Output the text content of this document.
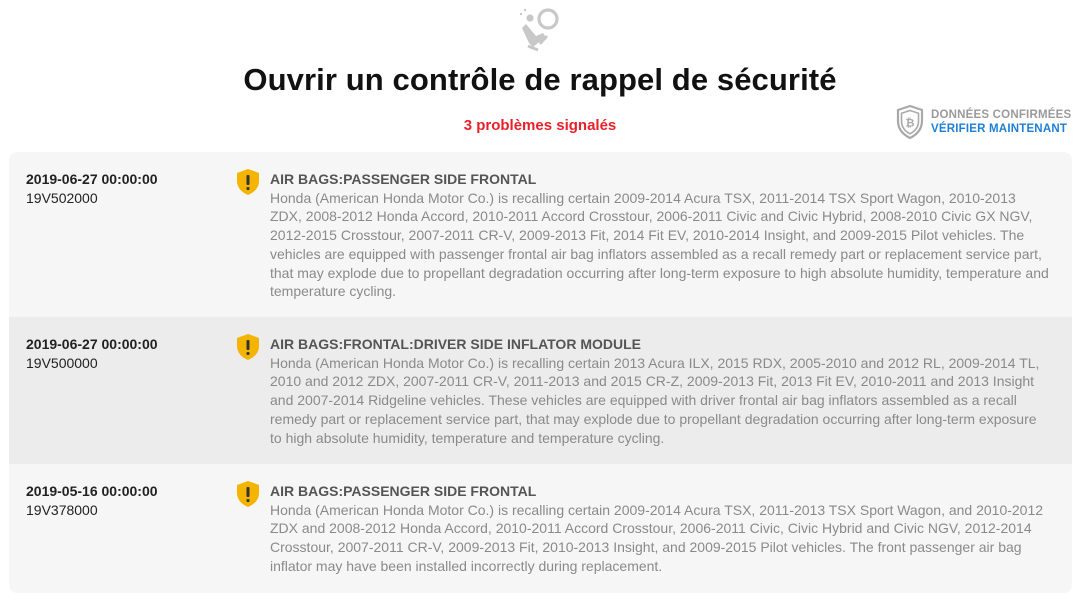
Ouvrir un contrôle de rappel de sécurité
3 problèmes signalés	₿
DONNÉES CONFIRMÉES
VÉRIFIER MAINTENANT
2019-06-27 00:00:00
19V502000
AIR BAGS:PASSENGER SIDE FRONTAL
Honda (American Honda Motor Co.) is recalling certain 2009-2014 Acura TSX, 2011-2014 TSX Sport Wagon, 2010-2013 ZDX, 2008-2012 Honda Accord, 2010-2011 Accord Crosstour, 2006-2011 Civic and Civic Hybrid, 2008-2010 Civic GX NGV, 2012-2015 Crosstour, 2007-2011 CR-V, 2009-2013 Fit, 2014 Fit EV, 2010-2014 Insight, and 2009-2015 Pilot vehicles. The vehicles are equipped with passenger frontal air bag inflators assembled as a recall remedy part or replacement service part, that may explode due to propellant degradation occurring after long-term exposure to high absolute humidity, temperature and temperature cycling.
2019-06-27 00:00:00
19V500000
AIR BAGS:FRONTAL:DRIVER SIDE INFLATOR MODULE
Honda (American Honda Motor Co.) is recalling certain 2013 Acura ILX, 2015 RDX, 2005-2010 and 2012 RL, 2009-2014 TL, 2010 and 2012 ZDX, 2007-2011 CR-V, 2011-2013 and 2015 CR-Z, 2009-2013 Fit, 2013 Fit EV, 2010-2011 and 2013 Insight and 2007-2014 Ridgeline vehicles. These vehicles are equipped with driver frontal air bag inflators assembled as a recall remedy part or replacement service part, that may explode due to propellant degradation occurring after long-term exposure to high absolute humidity, temperature and temperature cycling.
2019-05-16 00:00:00
19V378000
AIR BAGS:PASSENGER SIDE FRONTAL
Honda (American Honda Motor Co.) is recalling certain 2009-2014 Acura TSX, 2011-2013 TSX Sport Wagon, and 2010-2012 ZDX and 2008-2012 Honda Accord, 2010-2011 Accord Crosstour, 2006-2011 Civic, Civic Hybrid and Civic NGV, 2012-2014 Crosstour, 2007-2011 CR-V, 2009-2013 Fit, 2010-2013 Insight, and 2009-2015 Pilot vehicles. The front passenger air bag inflator may have been installed incorrectly during replacement.
